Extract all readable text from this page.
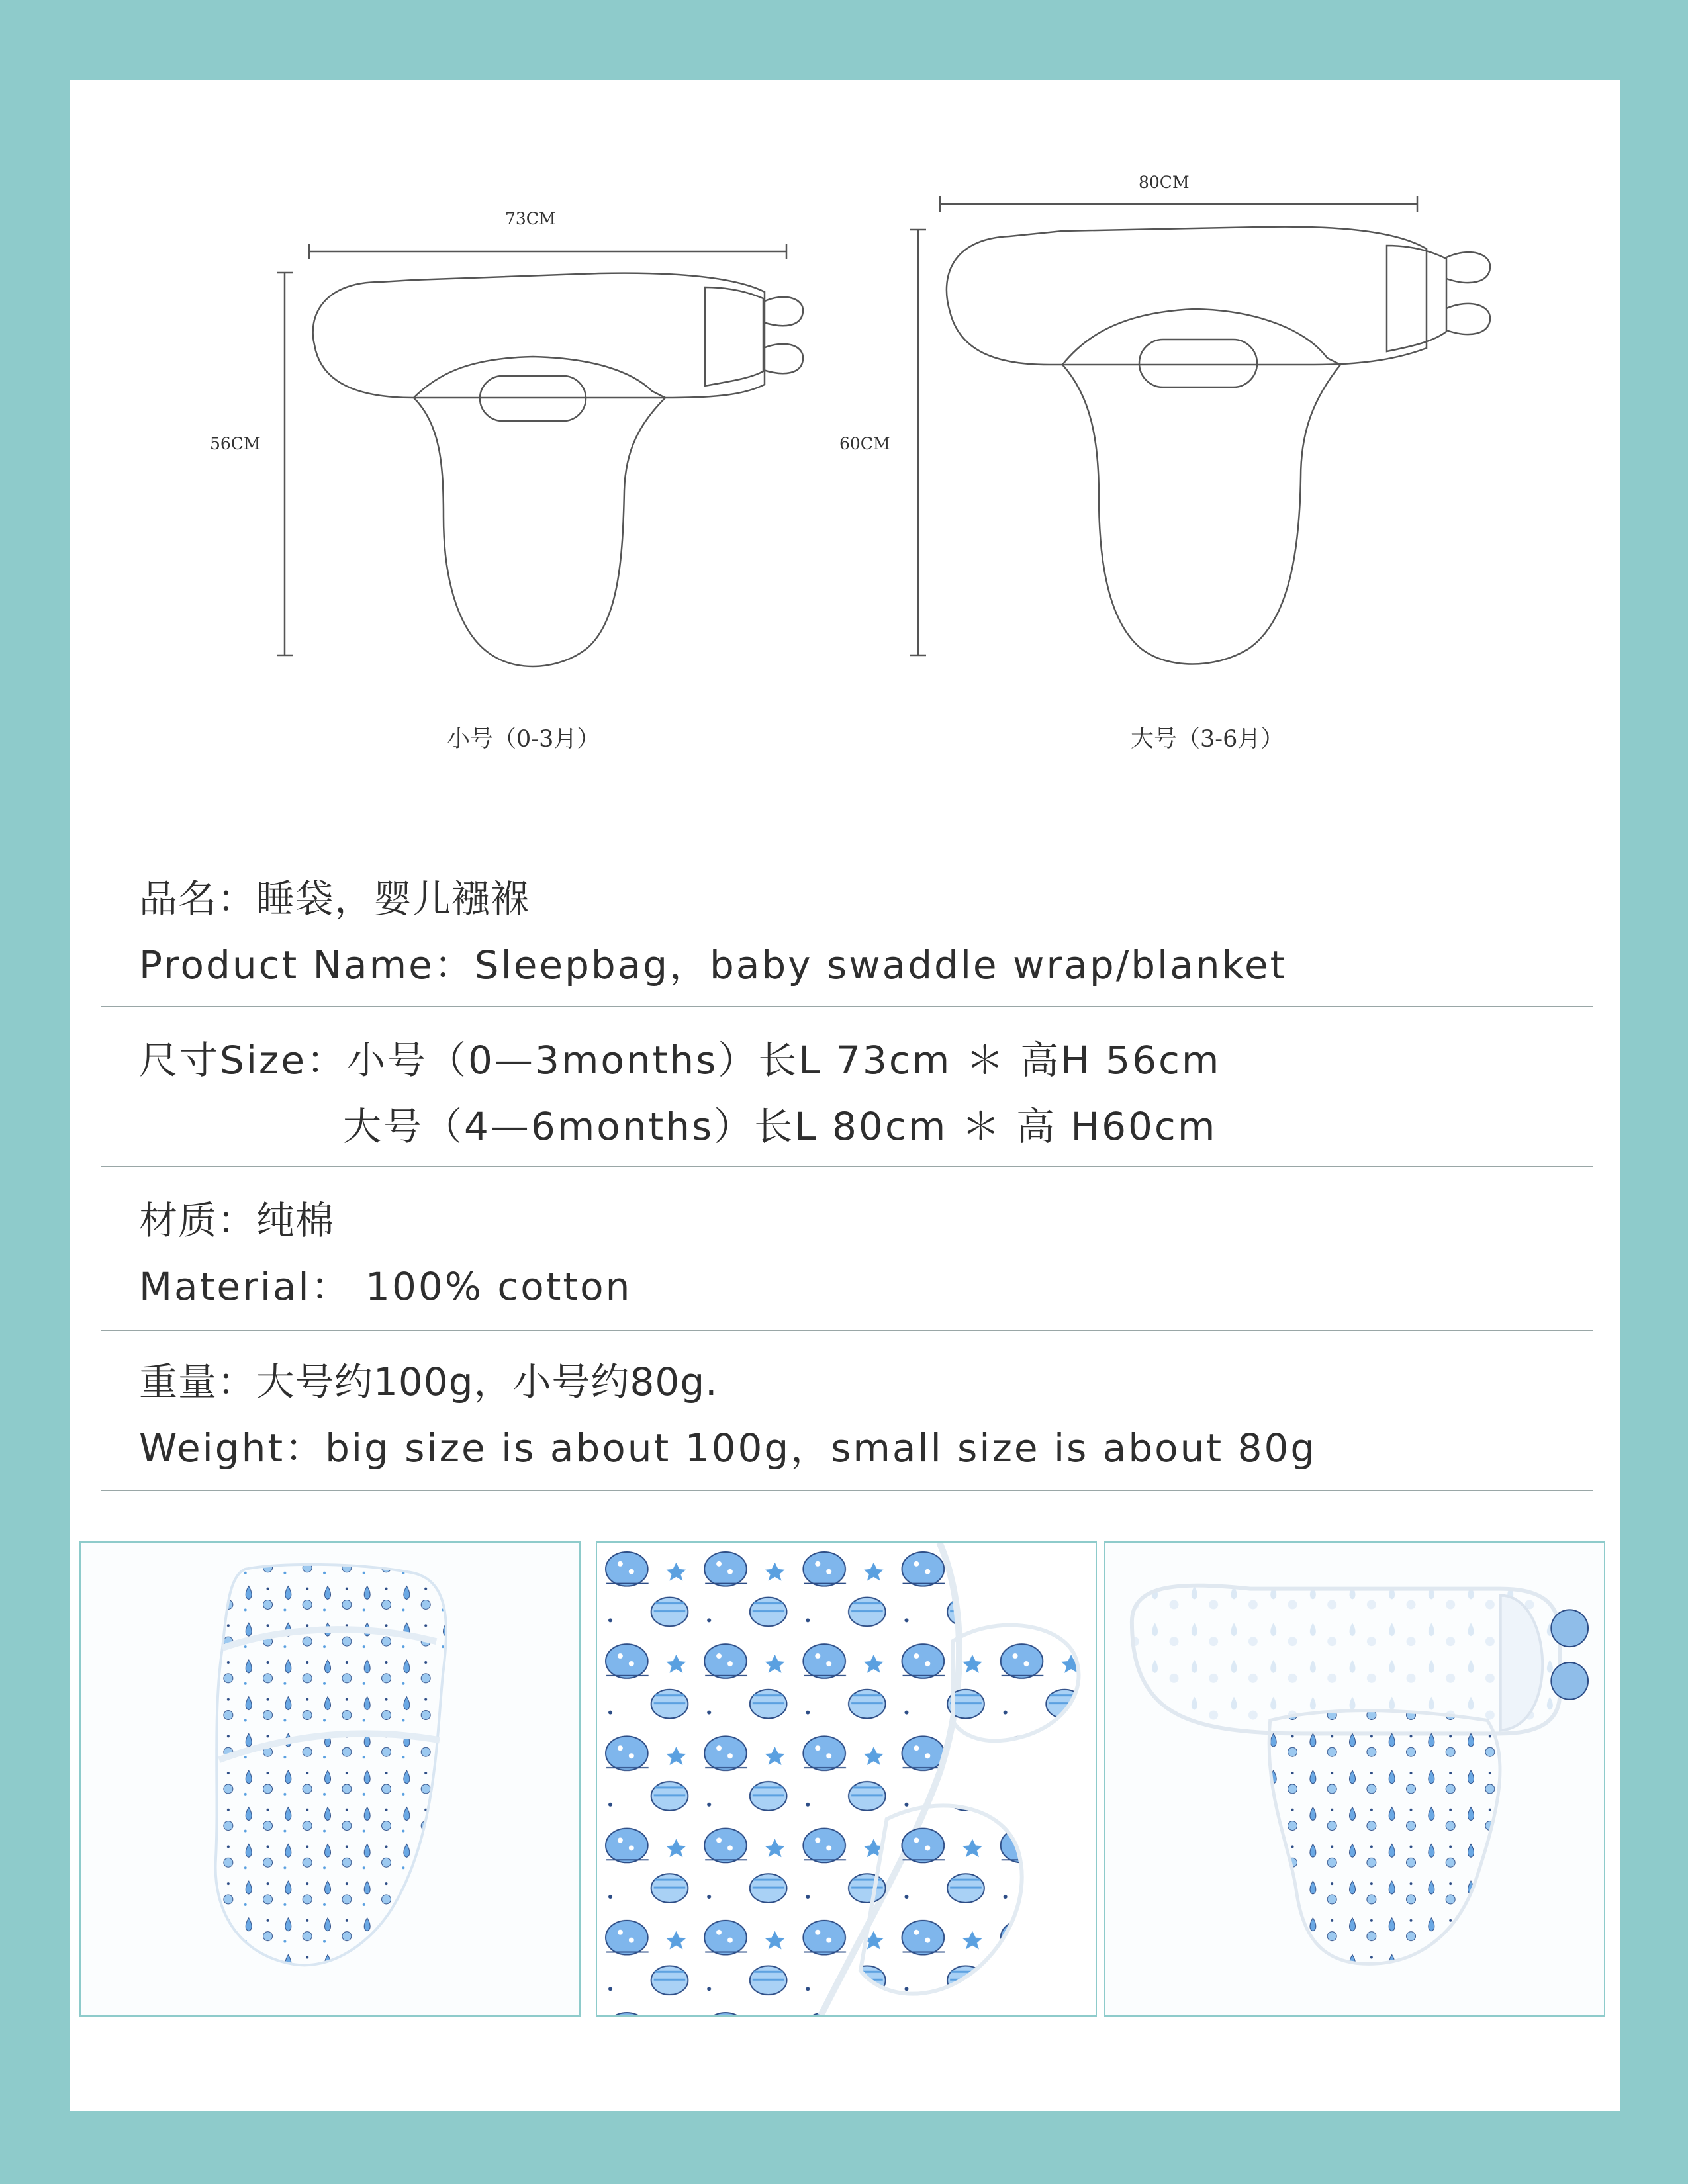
73CM
56CM
80CM
60CM
小号（0-3月）	大号（3-6月）
品名：睡袋，婴儿襁褓
Product Name：Sleepbag，baby swaddle wrap/blanket
尺寸Size：小号（0—3months）长L 73cm ＊ 高H 56cm
大号（4—6months）长L 80cm ＊ 高 H60cm
材质：纯棉
Material： 100% cotton
重量：大号约100g，小号约80g.
Weight：big size is about 100g，small size is about 80g
